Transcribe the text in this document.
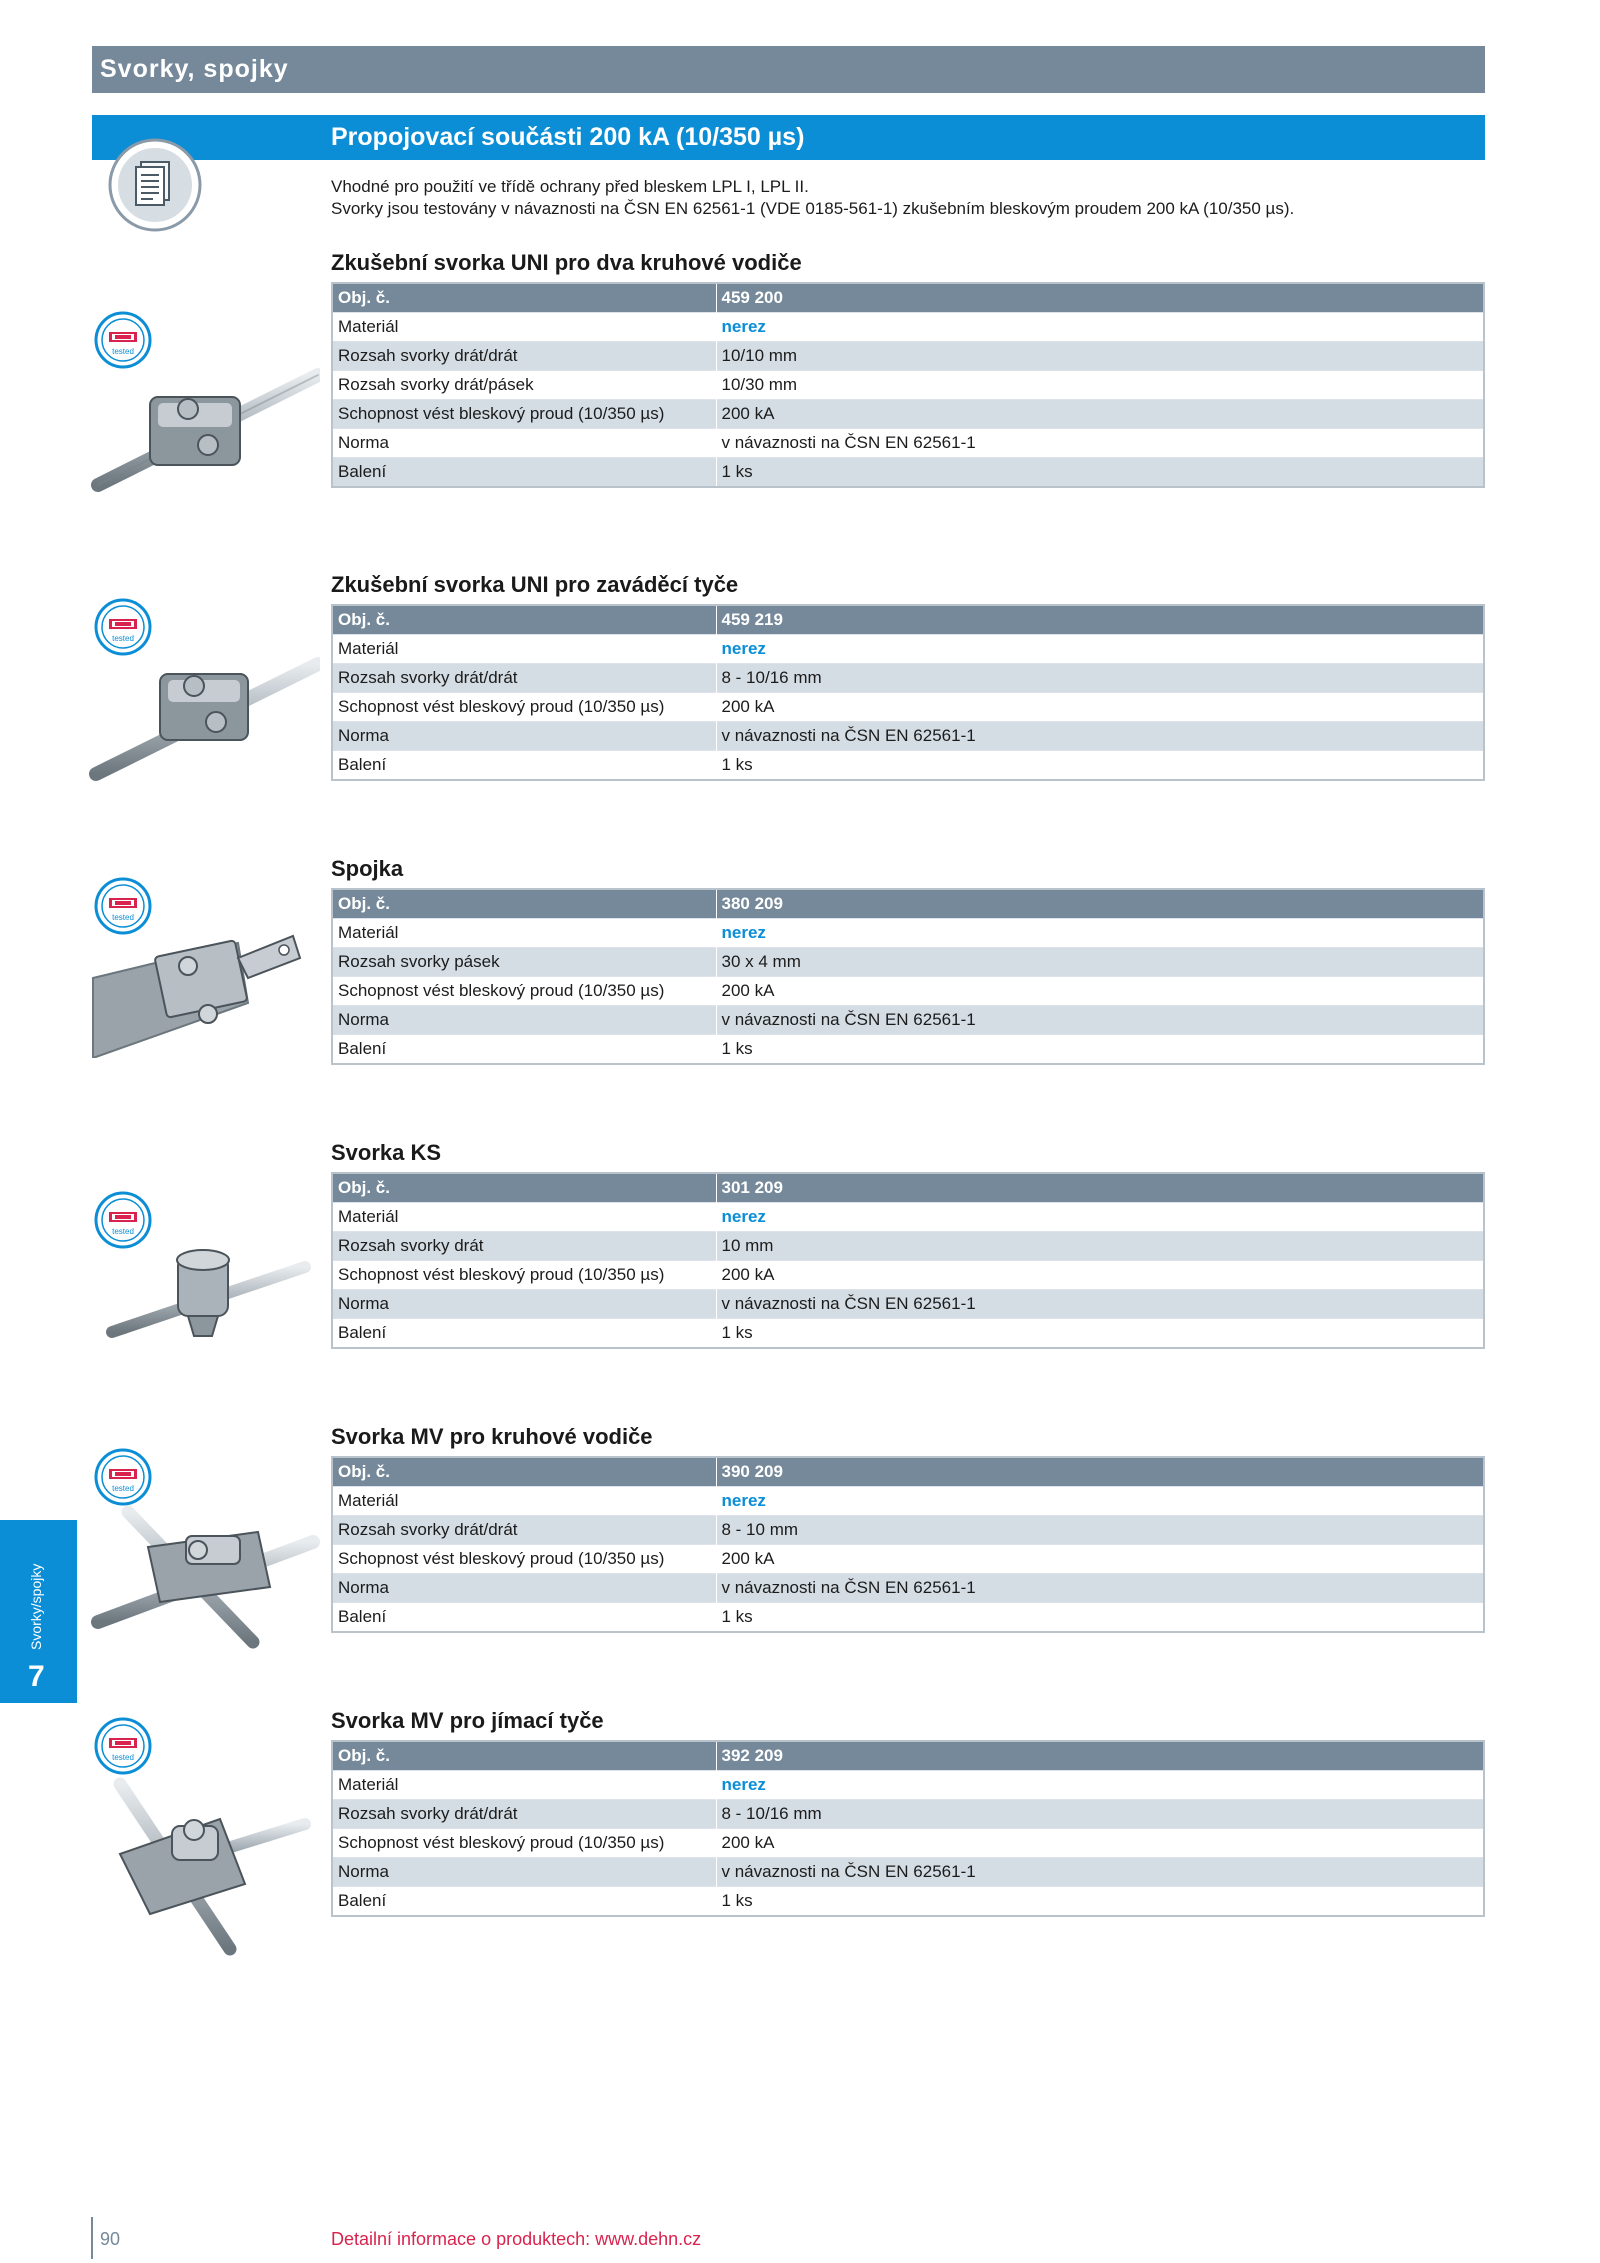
Svorky, spojky
Propojovací součásti 200 kA (10/350 µs)
Vhodné pro použití ve třídě ochrany před bleskem LPL I, LPL II.
Svorky jsou testovány v návaznosti na ČSN EN 62561-1 (VDE 0185-561-1) zkušebním bleskovým proudem 200 kA (10/350 µs).
tested
tested
tested
tested
tested
tested
Zkušební svorka UNI pro dva kruhové vodiče
Obj. č.	459 200
Materiál	nerez
Rozsah svorky drát/drát	10/10 mm
Rozsah svorky drát/pásek	10/30 mm
Schopnost vést bleskový proud (10/350 µs)	200 kA
Norma	v návaznosti na ČSN EN 62561-1
Balení	1 ks
Zkušební svorka UNI pro zaváděcí tyče
Obj. č.	459 219
Materiál	nerez
Rozsah svorky drát/drát	8 - 10/16 mm
Schopnost vést bleskový proud (10/350 µs)	200 kA
Norma	v návaznosti na ČSN EN 62561-1
Balení	1 ks
Spojka
Obj. č.	380 209
Materiál	nerez
Rozsah svorky pásek	30 x 4 mm
Schopnost vést bleskový proud (10/350 µs)	200 kA
Norma	v návaznosti na ČSN EN 62561-1
Balení	1 ks
Svorka KS
Obj. č.	301 209
Materiál	nerez
Rozsah svorky drát	10 mm
Schopnost vést bleskový proud (10/350 µs)	200 kA
Norma	v návaznosti na ČSN EN 62561-1
Balení	1 ks
Svorka MV pro kruhové vodiče
Obj. č.	390 209
Materiál	nerez
Rozsah svorky drát/drát	8 - 10 mm
Schopnost vést bleskový proud (10/350 µs)	200 kA
Norma	v návaznosti na ČSN EN 62561-1
Balení	1 ks
Svorka MV pro jímací tyče
Obj. č.	392 209
Materiál	nerez
Rozsah svorky drát/drát	8 - 10/16 mm
Schopnost vést bleskový proud (10/350 µs)	200 kA
Norma	v návaznosti na ČSN EN 62561-1
Balení	1 ks
Svorky/spojky
7
90	Detailní informace o produktech: www.dehn.cz
